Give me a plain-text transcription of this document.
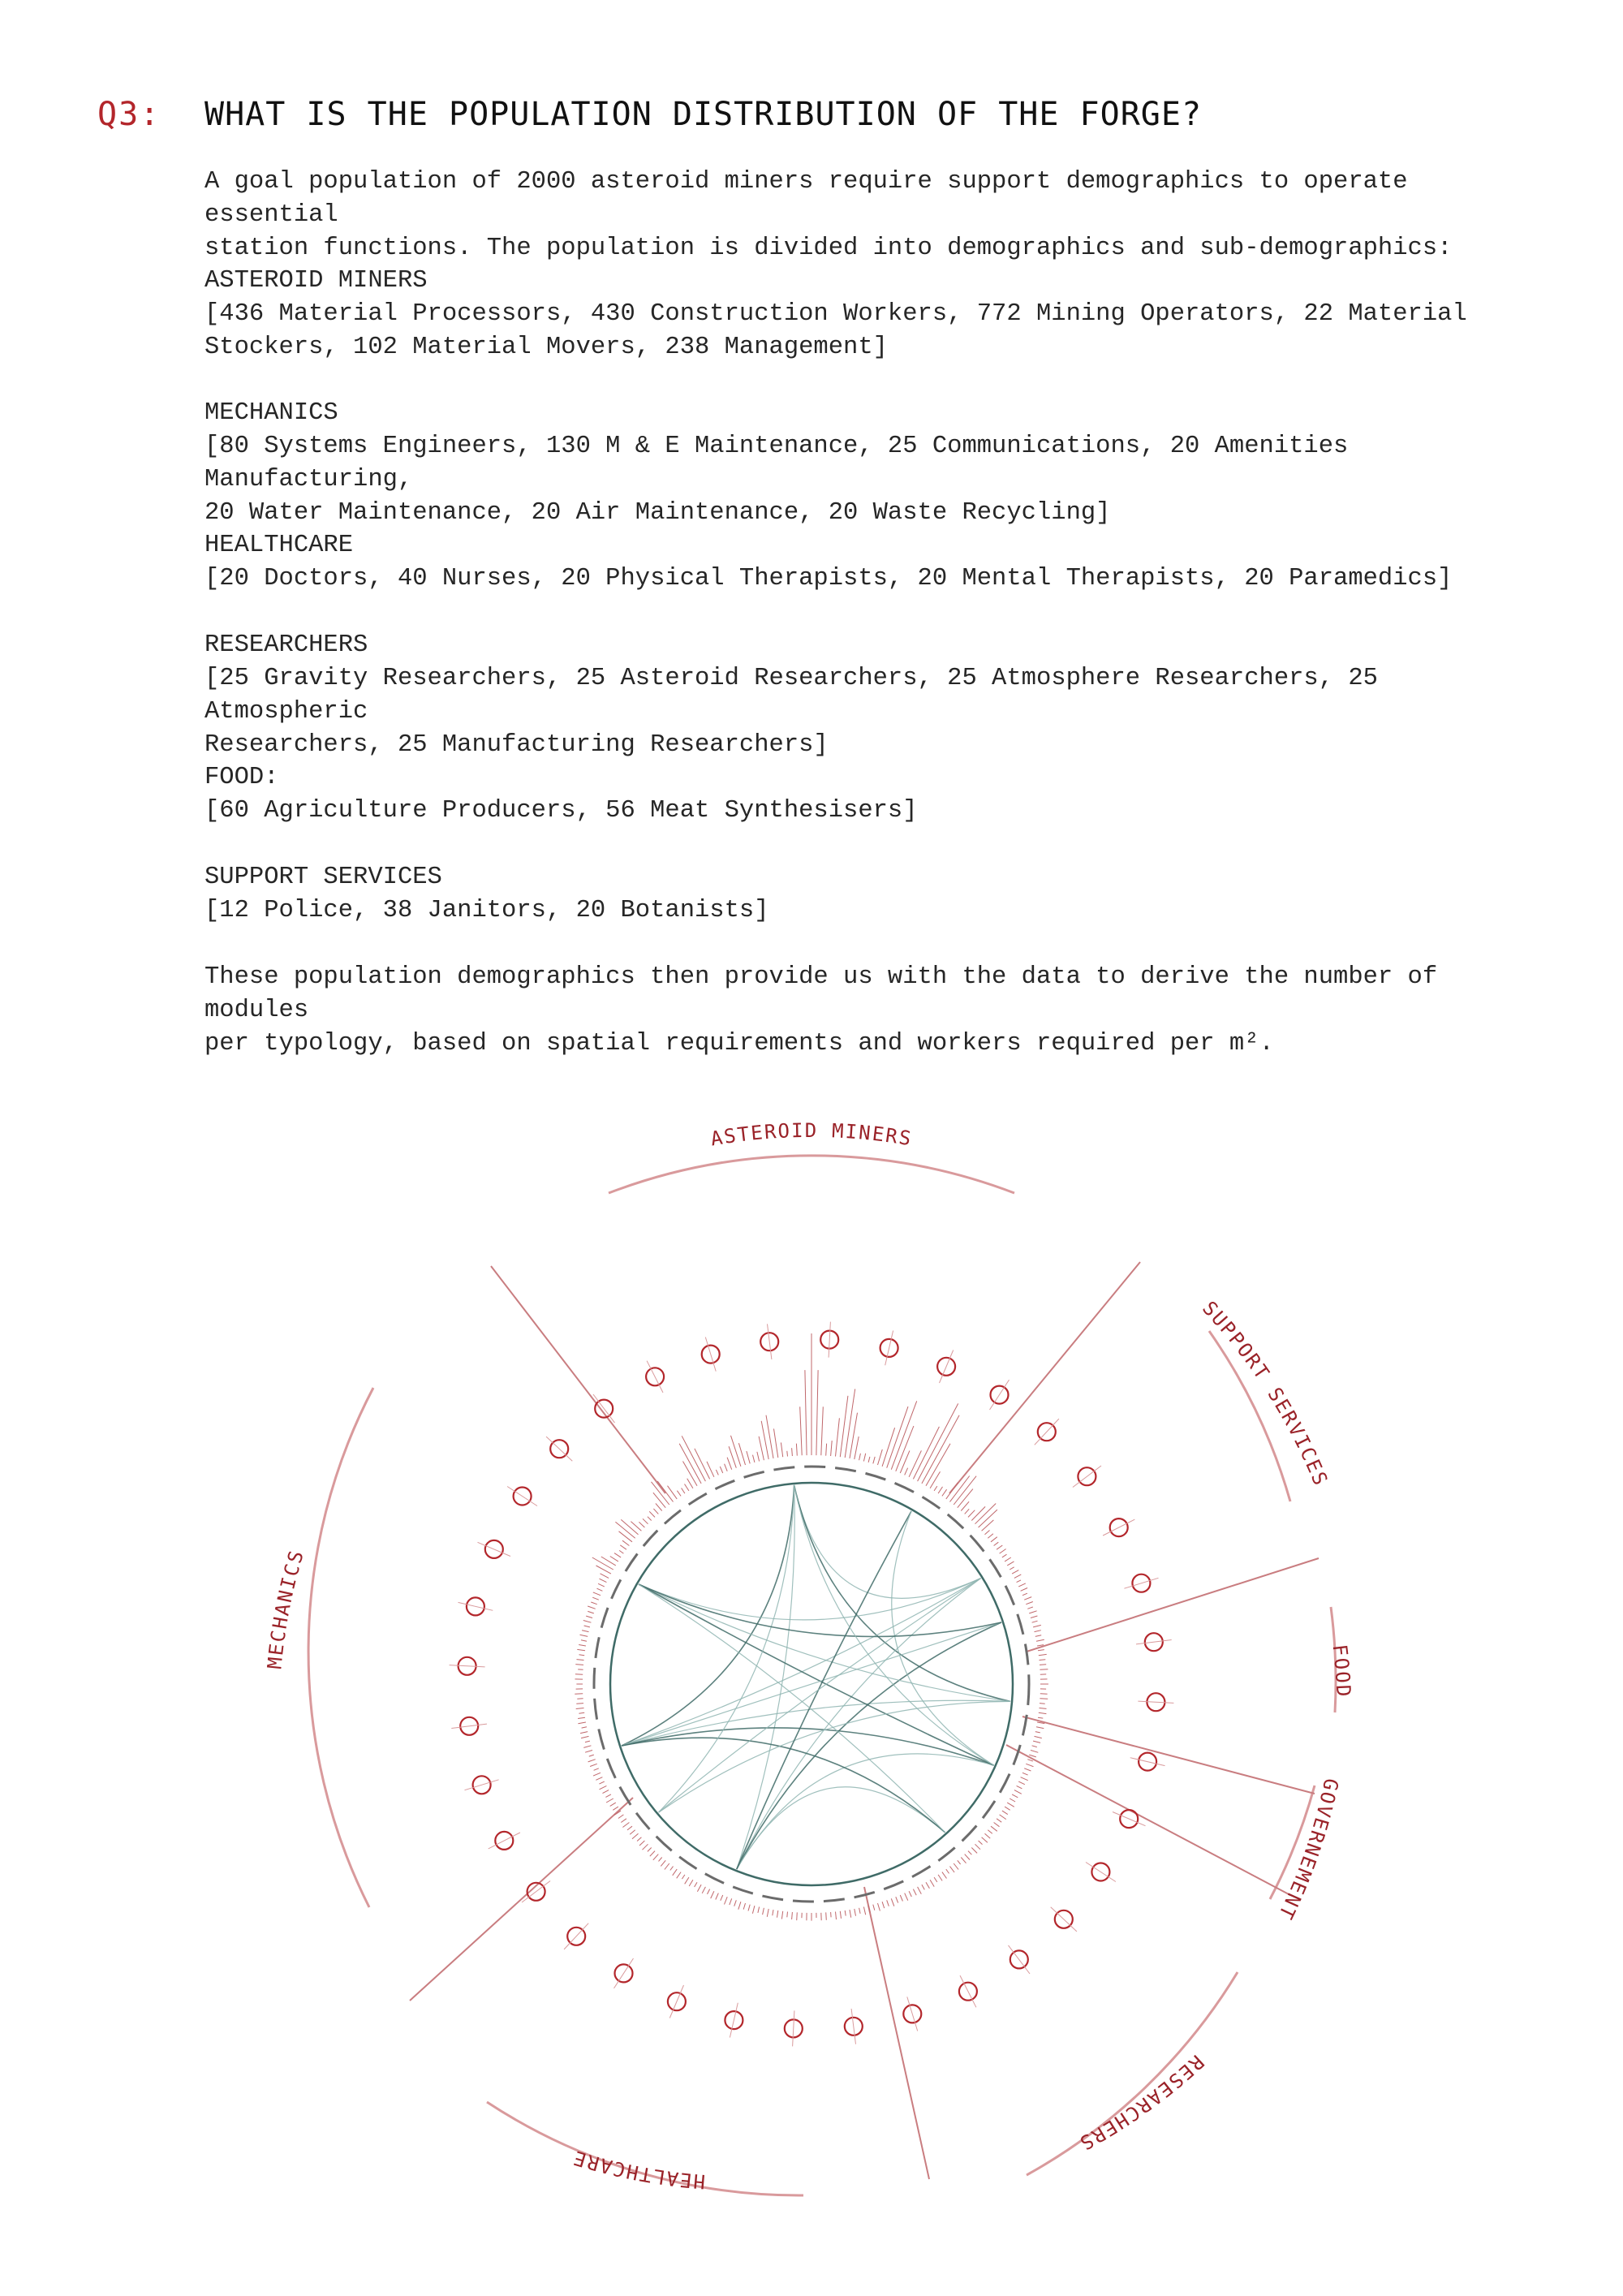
Q3: WHAT IS THE POPULATION DISTRIBUTION OF THE FORGE?

A goal population of 2000 asteroid miners require support demographics to operate essential
station functions. The population is divided into demographics and sub-demographics:

ASTEROID MINERS

[436 Material Processors, 430 Construction Workers, 772 Mining Operators, 22 Material
Stockers, 102 Material Movers, 238 Management]

MECHANICS

[80 Systems Engineers, 130 M & E Maintenance, 25 Communications, 20 Amenities Manufacturing,
20 Water Maintenance, 20 Air Maintenance, 20 Waste Recycling]

HEALTHCARE

[20 Doctors, 40 Nurses, 20 Physical Therapists, 20 Mental Therapists, 20 Paramedics]

RESEARCHERS

[25 Gravity Researchers, 25 Asteroid Researchers, 25 Atmosphere Researchers, 25 Atmospheric
Researchers, 25 Manufacturing Researchers]

FOOD:

[60 Agriculture Producers, 56 Meat Synthesisers]

SUPPORT SERVICES

[12 Police, 38 Janitors, 20 Botanists]

These population demographics then provide us with the data to derive the number of modules
per typology, based on spatial requirements and workers required per m².

ASTEROID MINERS
SUPPORT SERVICES
FOOD
GOVERNEMENT
RESEARCHERS
HEALTHCARE
MECHANICS
